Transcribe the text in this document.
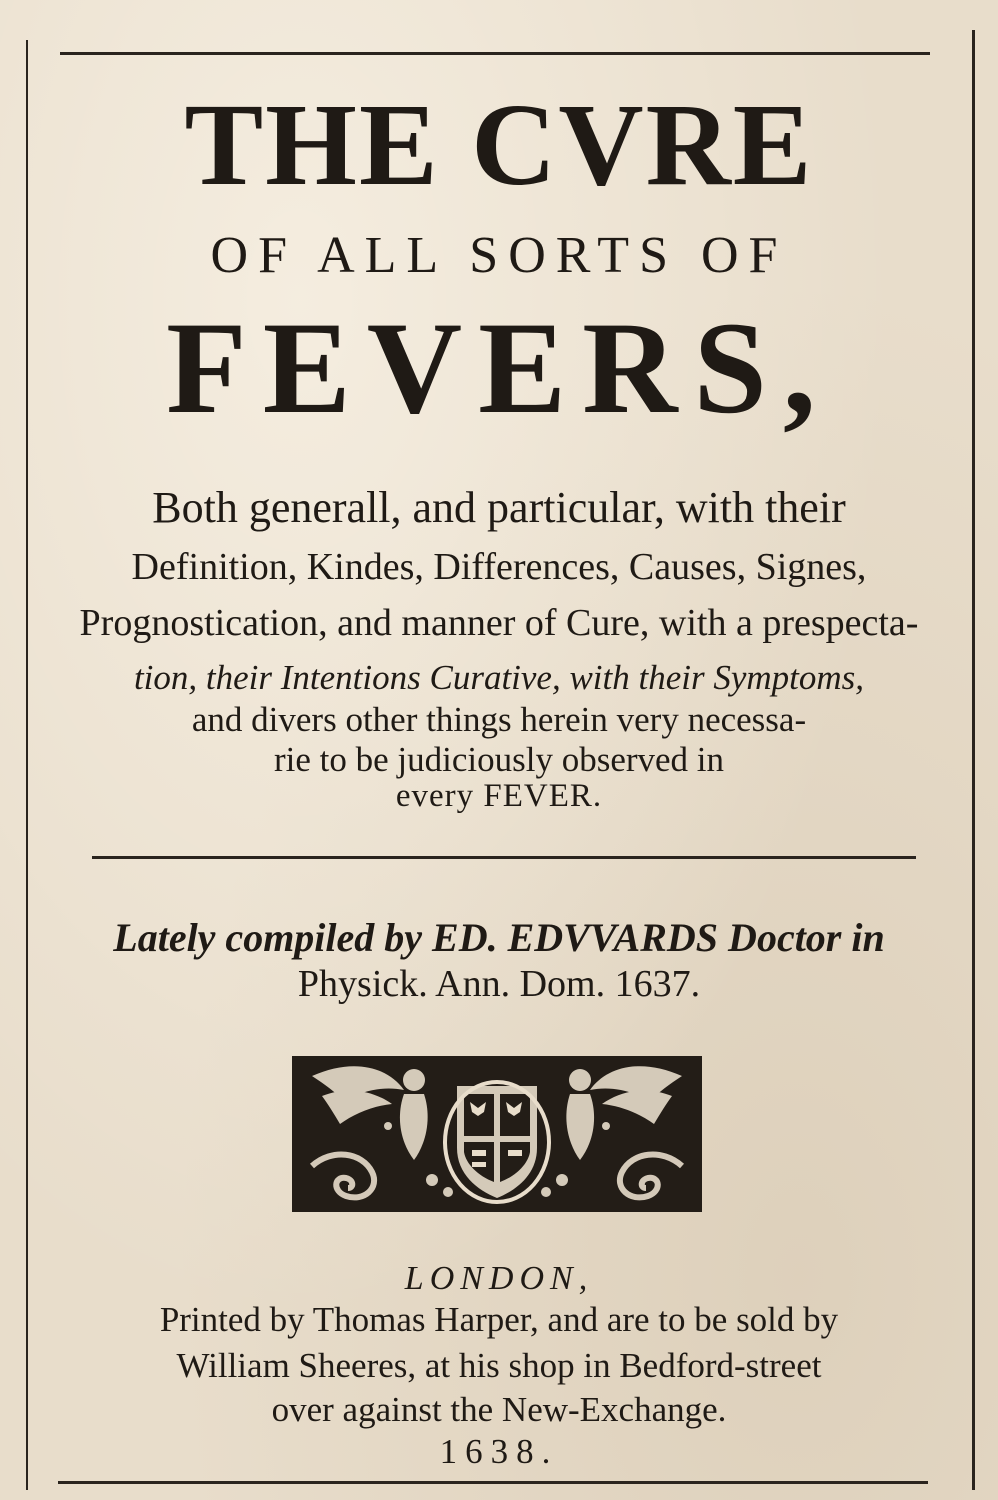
THE CVRE
OF ALL SORTS OF
FEVERS,
Both generall, and particular, with their
Definition, Kindes, Differences, Causes, Signes,
Prognostication, and manner of Cure, with a prespecta-
tion, their Intentions Curative, with their Symptoms,
and divers other things herein very necessa-
rie to be judiciously observed in
every FEVER.
Lately compiled by ED. EDVVARDS Doctor in
Physick. Ann. Dom. 1637.
LONDON,
Printed by Thomas Harper, and are to be sold by
William Sheeres, at his shop in Bedford-street
over against the New-Exchange.
1638.
